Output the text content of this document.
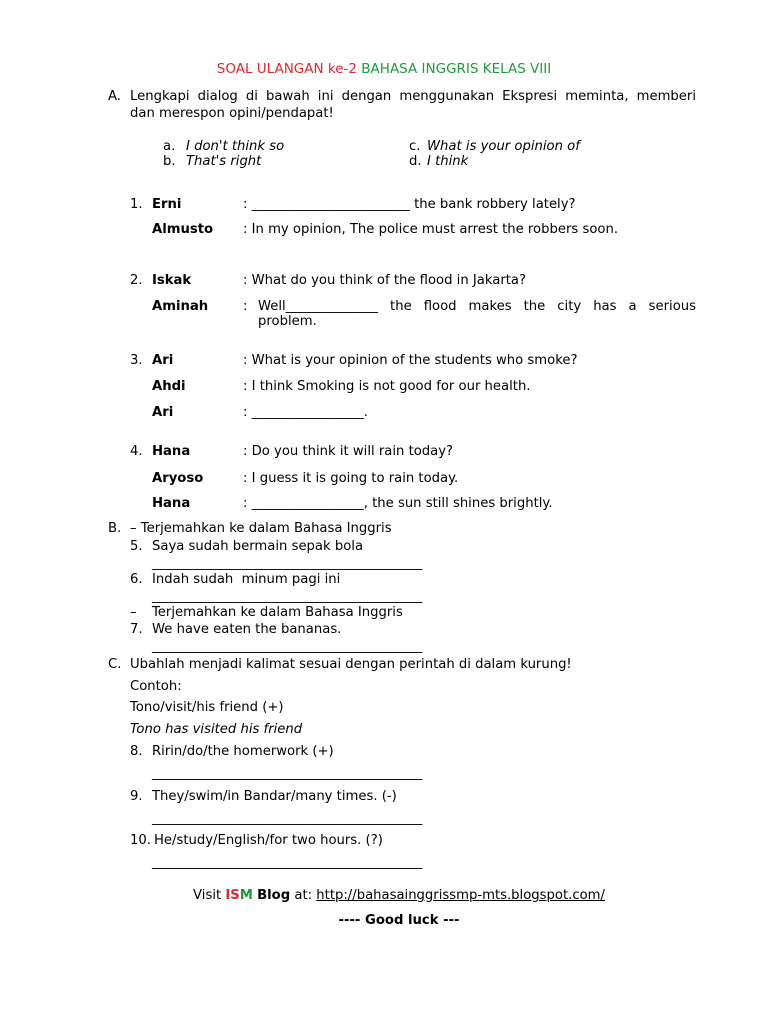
SOAL ULANGAN ke-2 BAHASA INGGRIS KELAS VIII
A. Lengkapi dialog di bawah ini dengan menggunakan Ekspresi meminta, memberi
dan merespon opini/pendapat!
a. I don't think so
b. That's right
c. What is your opinion of
d. I think
1. Erni	: ________________________ the bank robbery lately?
Almusto : In my opinion, The police must arrest the robbers soon.
2. Iskak	: What do you think of the flood in Jakarta?
Aminah	: Well______________ the flood makes the city has a serious
problem.
3. Ari	: What is your opinion of the students who smoke?
Ahdi	: I think Smoking is not good for our health.
Ari	: _________________.
4. Hana	: Do you think it will rain today?
Aryoso	: I guess it is going to rain today.
Hana	: _________________, the sun still shines brightly.
B. – Terjemahkan ke dalam Bahasa Inggris
5. Saya sudah bermain sepak bola
_________________________________________
6. Indah sudah  minum pagi ini
_________________________________________
– Terjemahkan ke dalam Bahasa Inggris
7. We have eaten the bananas.
_________________________________________
C. Ubahlah menjadi kalimat sesuai dengan perintah di dalam kurung!
Contoh:
Tono/visit/his friend (+)
Tono has visited his friend
8. Ririn/do/the homerwork (+)
_________________________________________
9. They/swim/in Bandar/many times. (-)
_________________________________________
10. He/study/English/for two hours. (?)
_________________________________________
Visit ISM Blog at: http://bahasainggrissmp-mts.blogspot.com/
---- Good luck ---
